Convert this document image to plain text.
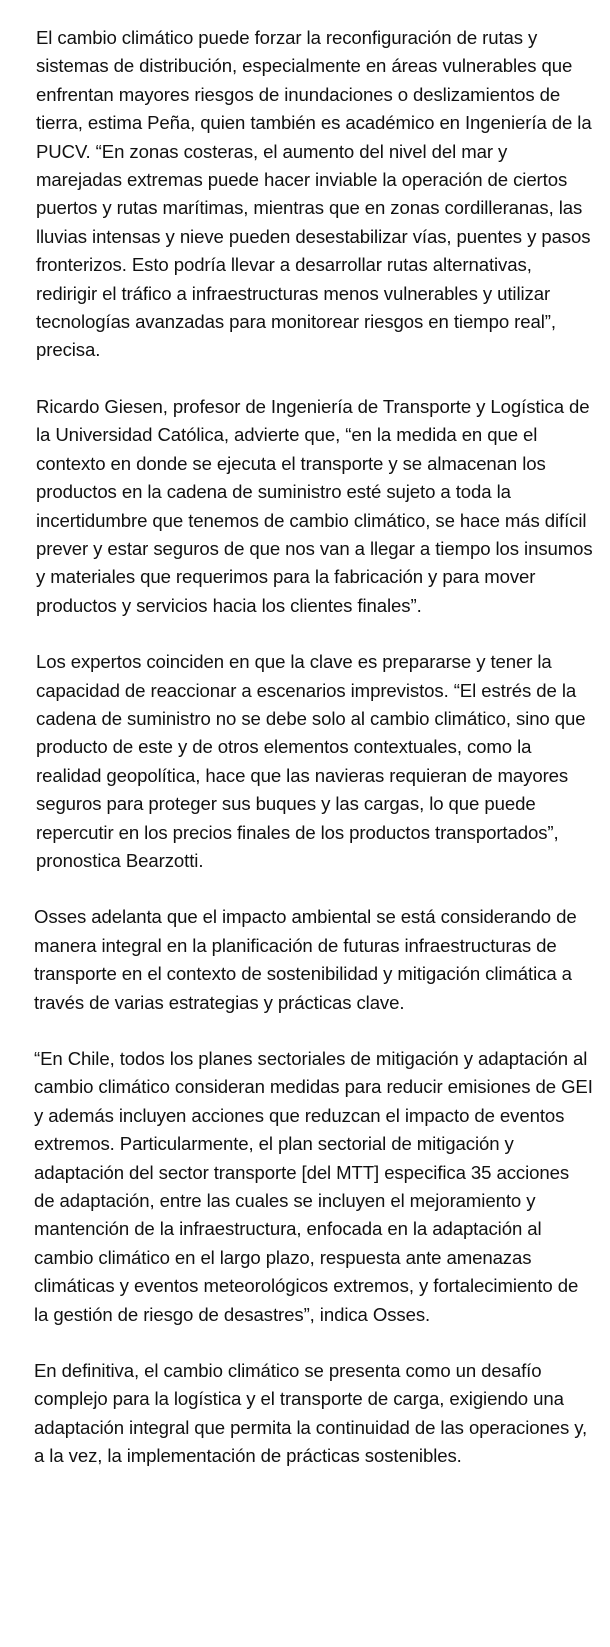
El cambio climático puede forzar la reconfiguración de rutas y sistemas de distribución, especialmente en áreas vulnerables que enfrentan mayores riesgos de inundaciones o deslizamientos de tierra, estima Peña, quien también es académico en Ingeniería de la PUCV. “En zonas costeras, el aumento del nivel del mar y marejadas extremas puede hacer inviable la operación de ciertos puertos y rutas marítimas, mientras que en zonas cordilleranas, las lluvias intensas y nieve pueden desestabilizar vías, puentes y pasos fronterizos. Esto podría llevar a desarrollar rutas alternativas, redirigir el tráfico a infraestructuras menos vulnerables y utilizar tecnologías avanzadas para monitorear riesgos en tiempo real”, precisa.

Ricardo Giesen, profesor de Ingeniería de Transporte y Logística de la Universidad Católica, advierte que, “en la medida en que el contexto en donde se ejecuta el transporte y se almacenan los productos en la cadena de suministro esté sujeto a toda la incertidumbre que tenemos de cambio climático, se hace más difícil prever y estar seguros de que nos van a llegar a tiempo los insumos y materiales que requerimos para la fabricación y para mover productos y servicios hacia los clientes finales”.

Los expertos coinciden en que la clave es prepararse y tener la capacidad de reaccionar a escenarios imprevistos. “El estrés de la cadena de suministro no se debe solo al cambio climático, sino que producto de este y de otros elementos contextuales, como la realidad geopolítica, hace que las navieras requieran de mayores seguros para proteger sus buques y las cargas, lo que puede repercutir en los precios finales de los productos transportados”, pronostica Bearzotti.

Osses adelanta que el impacto ambiental se está considerando de manera integral en la planificación de futuras infraestructuras de transporte en el contexto de sostenibilidad y mitigación climática a través de varias estrategias y prácticas clave.

“En Chile, todos los planes sectoriales de mitigación y adaptación al cambio climático consideran medidas para reducir emisiones de GEI y además incluyen acciones que reduzcan el impacto de eventos extremos. Particularmente, el plan sectorial de mitigación y adaptación del sector transporte [del MTT] especifica 35 acciones de adaptación, entre las cuales se incluyen el mejoramiento y mantención de la infraestructura, enfocada en la adaptación al cambio climático en el largo plazo, respuesta ante amenazas climáticas y eventos meteorológicos extremos, y fortalecimiento de la gestión de riesgo de desastres”, indica Osses.

En definitiva, el cambio climático se presenta como un desafío complejo para la logística y el transporte de carga, exigiendo una adaptación integral que permita la continuidad de las operaciones y, a la vez, la implementación de prácticas sostenibles.
